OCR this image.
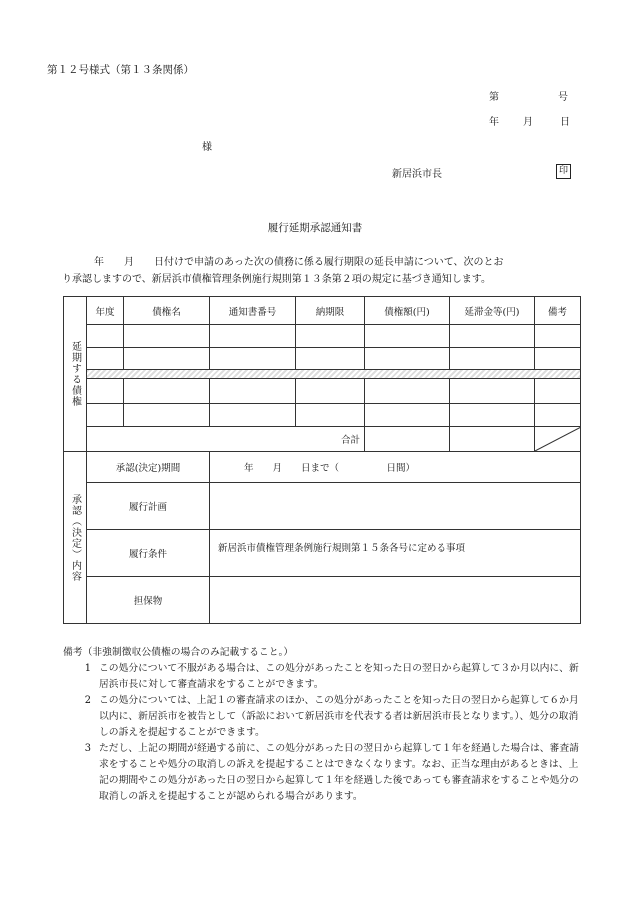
第１２号様式（第１３条関係）
第	号
年 月	日
様
新居浜市長	印
履行延期承認通知書
年　　月　　日付けで申請のあった次の債務に係る履行期限の延長申請について、次のとお
り承認しますので、新居浜市債権管理条例施行規則第１３条第２項の規定に基づき通知します。
延期する債権	年度	債権名	通知書番号	納期限	債権額(円)	延滞金等(円)	備考

	合計			

承認（決定）内容	承認(決定)期間		年　　月　　日まで（　　　　　日間）				
	履行計画						
	履行条件		新居浜市債権管理条例施行規則第１５条各号に定める事項				
	担保物						
備考（非強制徴収公債権の場合のみ記載すること。）
1 この処分について不服がある場合は、この処分があったことを知った日の翌日から起算して３か月以内に、新居浜市長に対して審査請求をすることができます。
2 この処分については、上記１の審査請求のほか、この処分があったことを知った日の翌日から起算して６か月以内に、新居浜市を被告として（訴訟において新居浜市を代表する者は新居浜市長となります。）、処分の取消しの訴えを提起することができます。
3 ただし、上記の期間が経過する前に、この処分があった日の翌日から起算して１年を経過した場合は、審査請求をすることや処分の取消しの訴えを提起することはできなくなります。なお、正当な理由があるときは、上記の期間やこの処分があった日の翌日から起算して１年を経過した後であっても審査請求をすることや処分の取消しの訴えを提起することが認められる場合があります。
